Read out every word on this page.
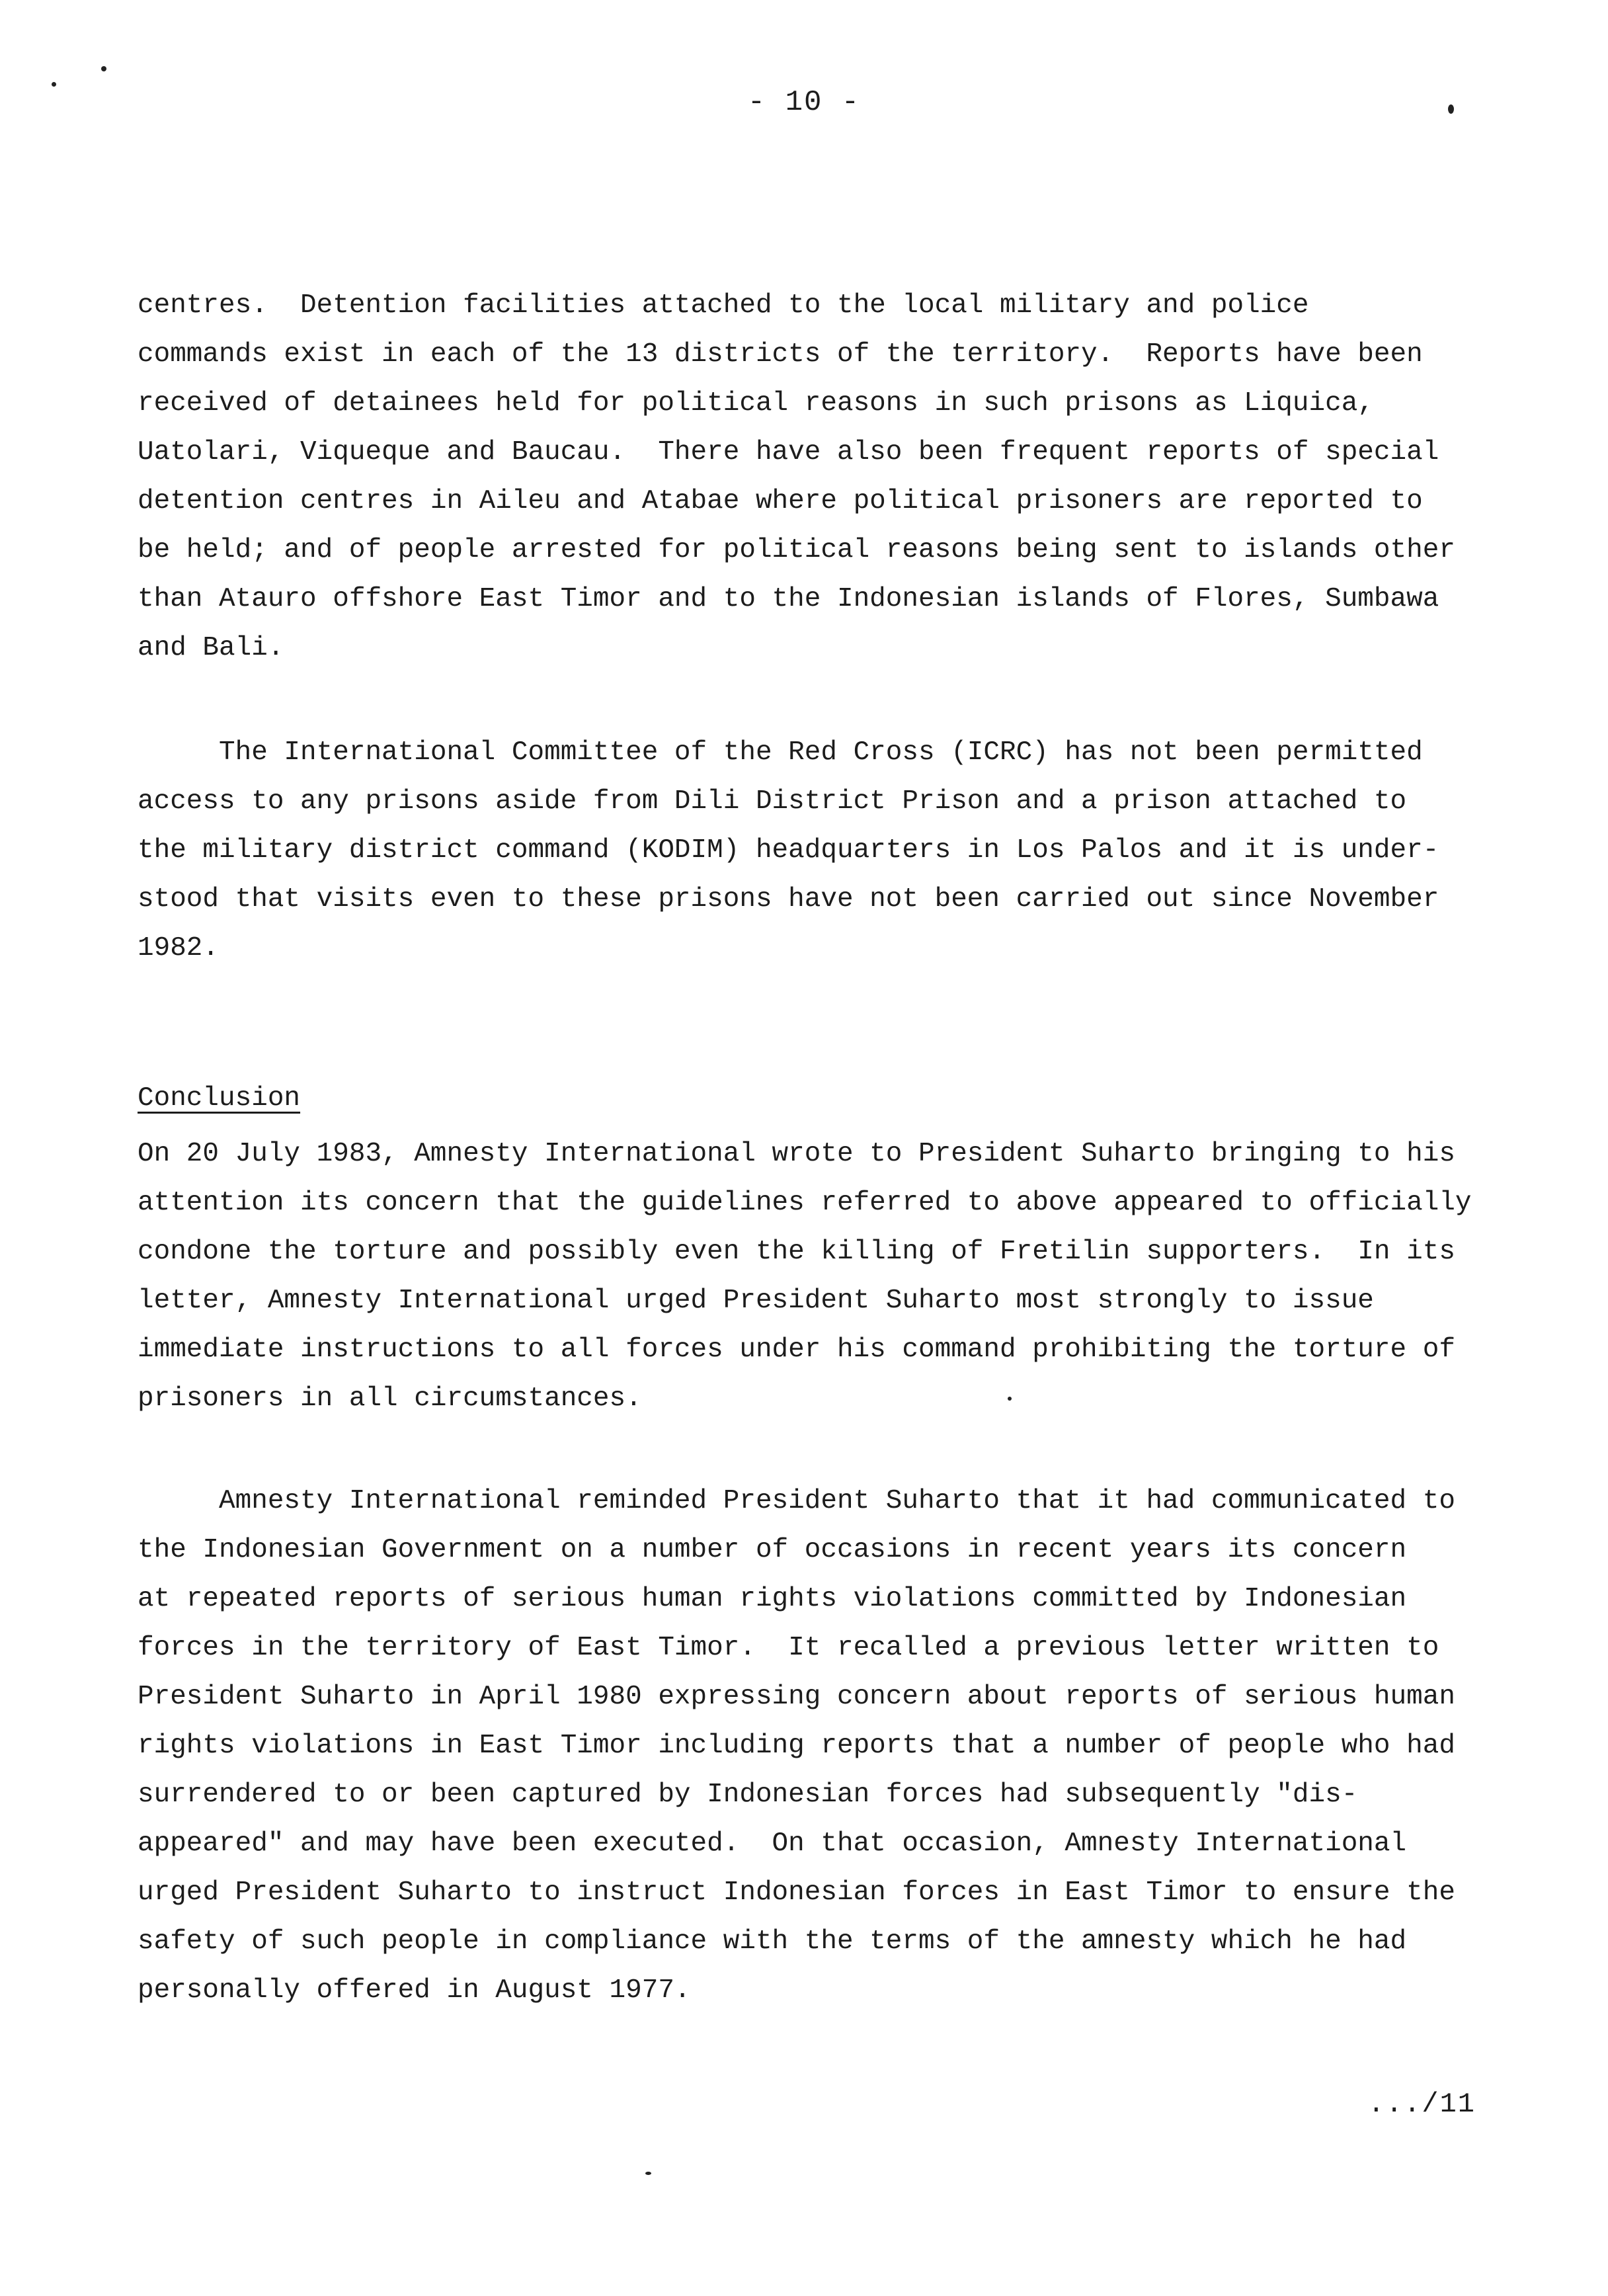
- 10 -
centres.  Detention facilities attached to the local military and police
commands exist in each of the 13 districts of the territory.  Reports have been
received of detainees held for political reasons in such prisons as Liquica,
Uatolari, Viqueque and Baucau.  There have also been frequent reports of special
detention centres in Aileu and Atabae where political prisoners are reported to
be held; and of people arrested for political reasons being sent to islands other
than Atauro offshore East Timor and to the Indonesian islands of Flores, Sumbawa
and Bali.
The International Committee of the Red Cross (ICRC) has not been permitted
access to any prisons aside from Dili District Prison and a prison attached to
the military district command (KODIM) headquarters in Los Palos and it is under-
stood that visits even to these prisons have not been carried out since November
1982.
Conclusion
On 20 July 1983, Amnesty International wrote to President Suharto bringing to his
attention its concern that the guidelines referred to above appeared to officially
condone the torture and possibly even the killing of Fretilin supporters.  In its
letter, Amnesty International urged President Suharto most strongly to issue
immediate instructions to all forces under his command prohibiting the torture of
prisoners in all circumstances.
Amnesty International reminded President Suharto that it had communicated to
the Indonesian Government on a number of occasions in recent years its concern
at repeated reports of serious human rights violations committed by Indonesian
forces in the territory of East Timor.  It recalled a previous letter written to
President Suharto in April 1980 expressing concern about reports of serious human
rights violations in East Timor including reports that a number of people who had
surrendered to or been captured by Indonesian forces had subsequently "dis-
appeared" and may have been executed.  On that occasion, Amnesty International
urged President Suharto to instruct Indonesian forces in East Timor to ensure the
safety of such people in compliance with the terms of the amnesty which he had
personally offered in August 1977.
.../11
